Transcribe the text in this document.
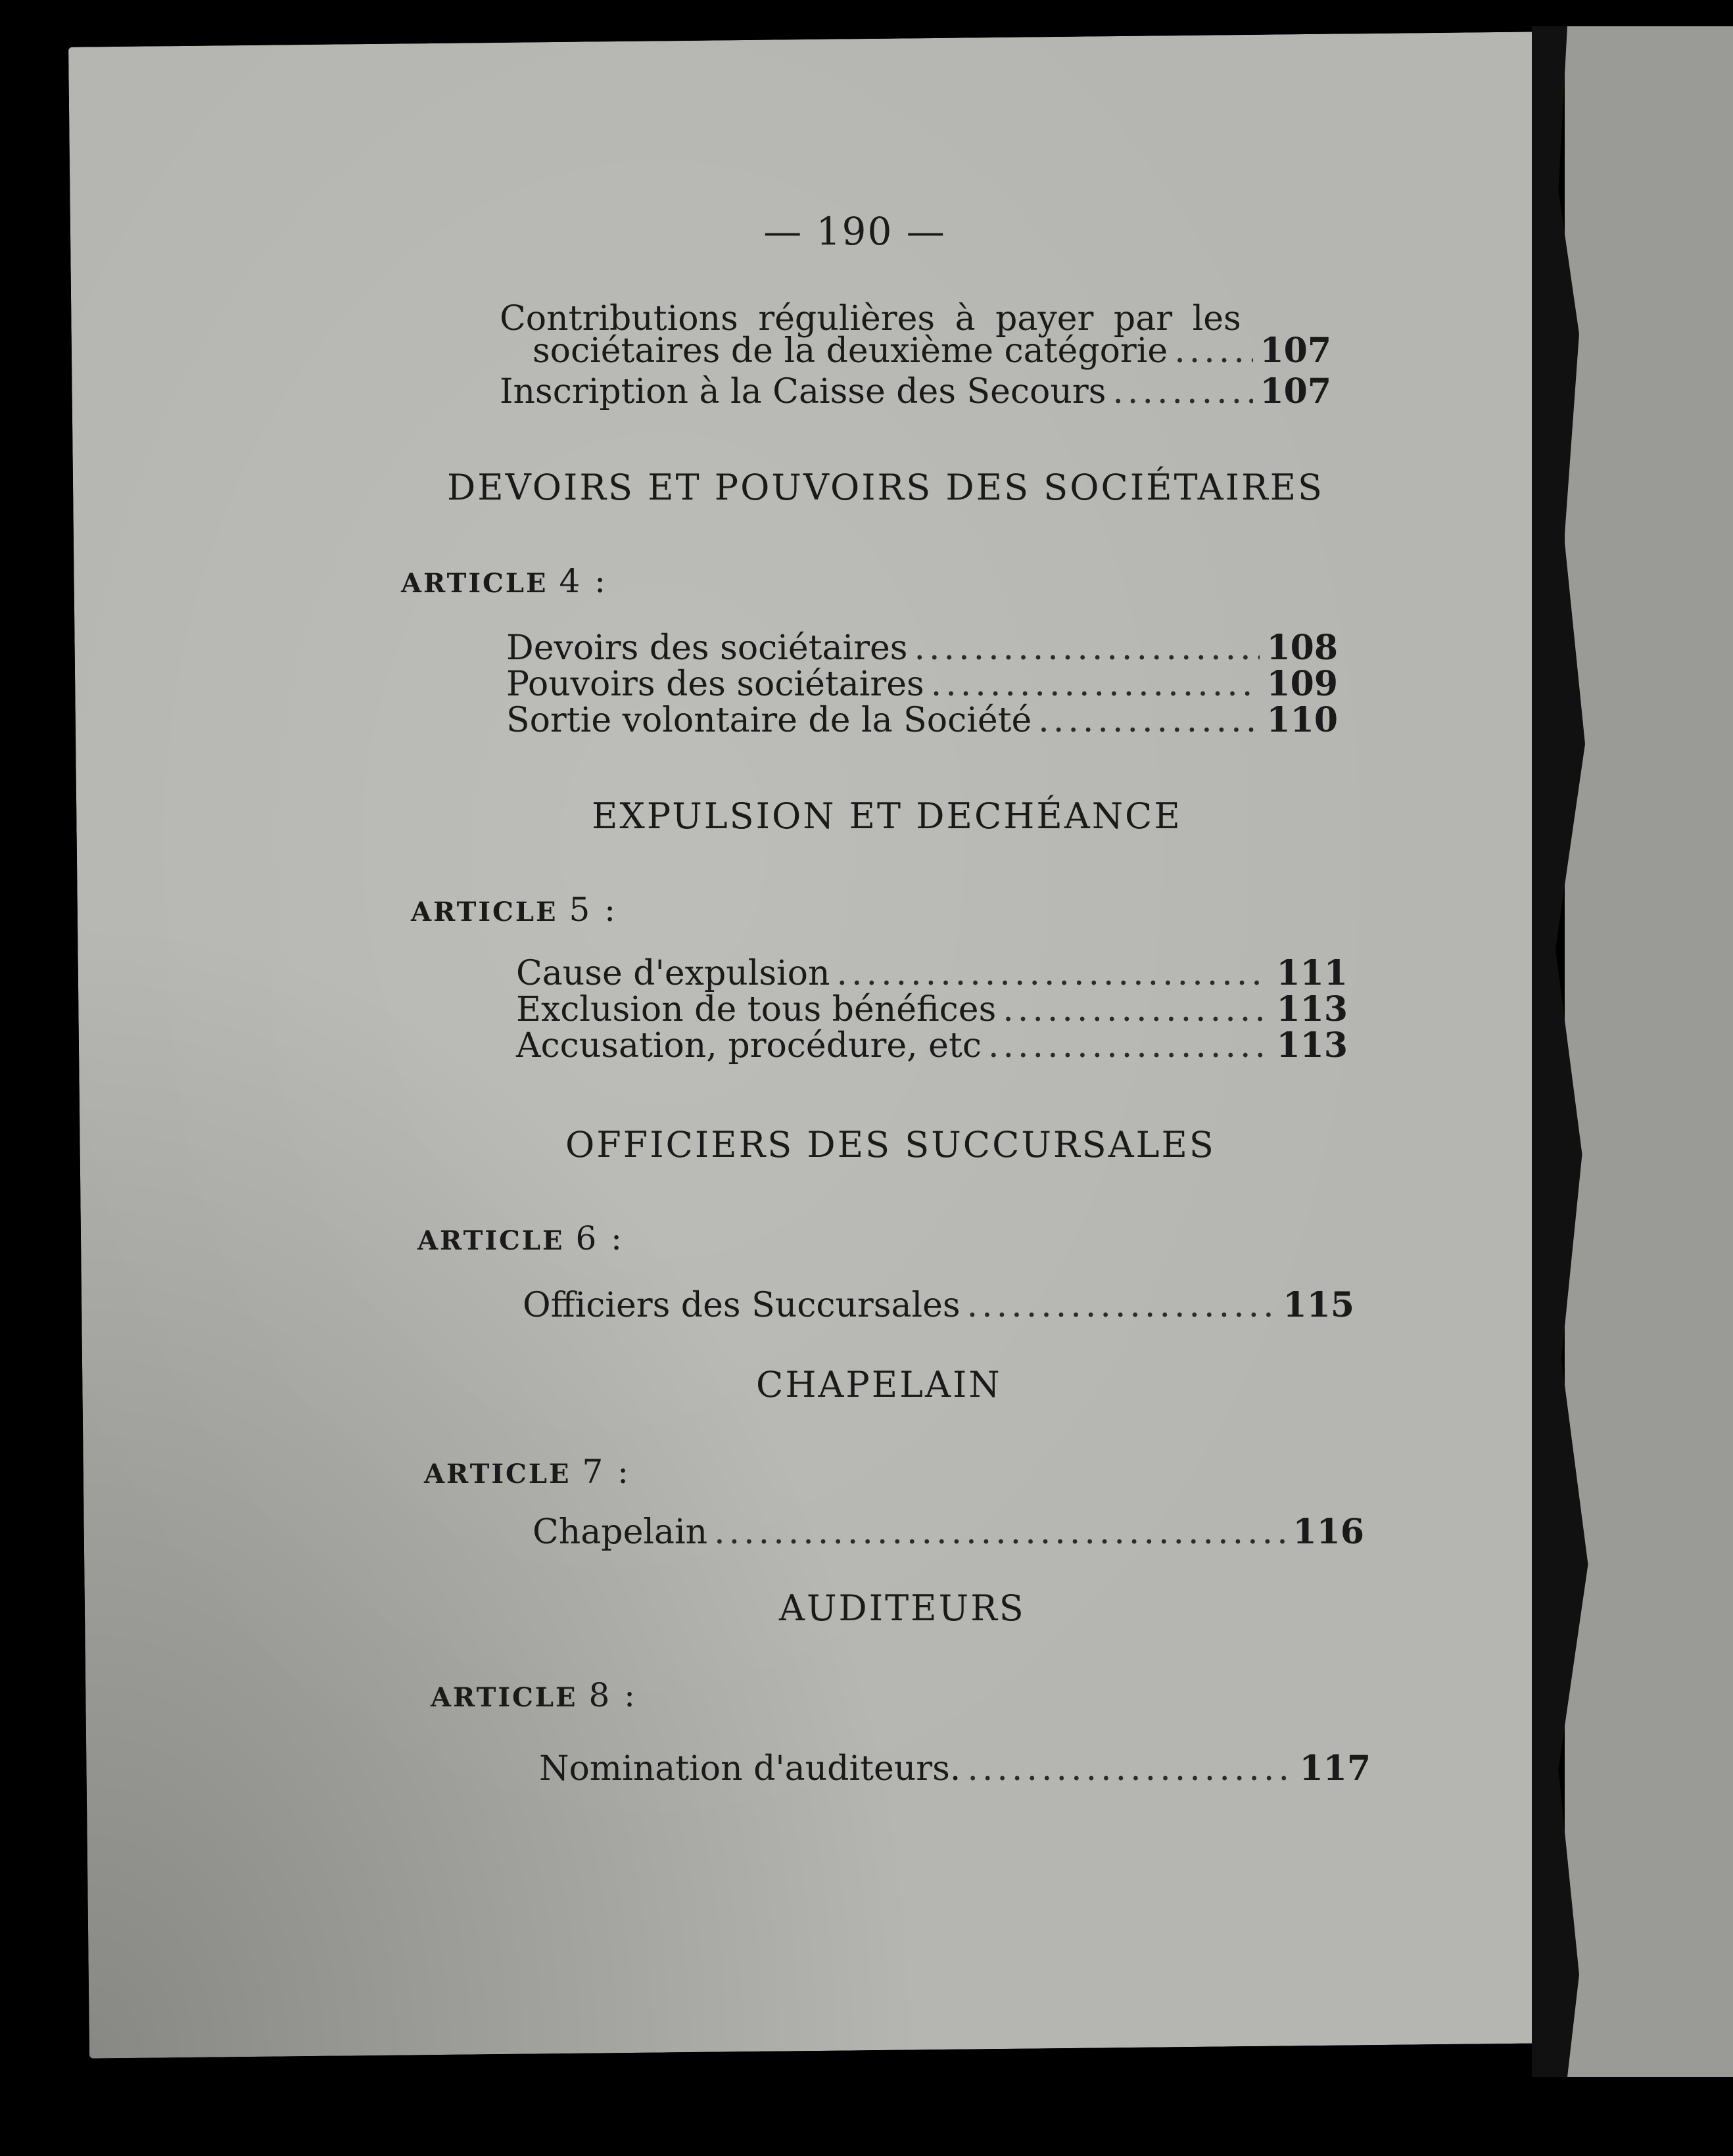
— 190 —
Contributions régulières à payer par les
sociétaires de la deuxième catégorie .....	107
Inscription à la Caisse des Secours .....	107
DEVOIRS ET POUVOIRS DES SOCIÉTAIRES
ARTICLE 4 :
Devoirs des sociétaires .....	108
Pouvoirs des sociétaires .....	109
Sortie volontaire de la Société .....	110
EXPULSION ET DECHÉANCE
ARTICLE 5 :
Cause d'expulsion .....	111
Exclusion de tous bénéfices .....	113
Accusation, procédure, etc .....	113
OFFICIERS DES SUCCURSALES
ARTICLE 6 :
Officiers des Succursales .....	115
CHAPELAIN
ARTICLE 7 :
Chapelain .....	116
AUDITEURS
ARTICLE 8 :
Nomination d'auditeurs. .....	117
